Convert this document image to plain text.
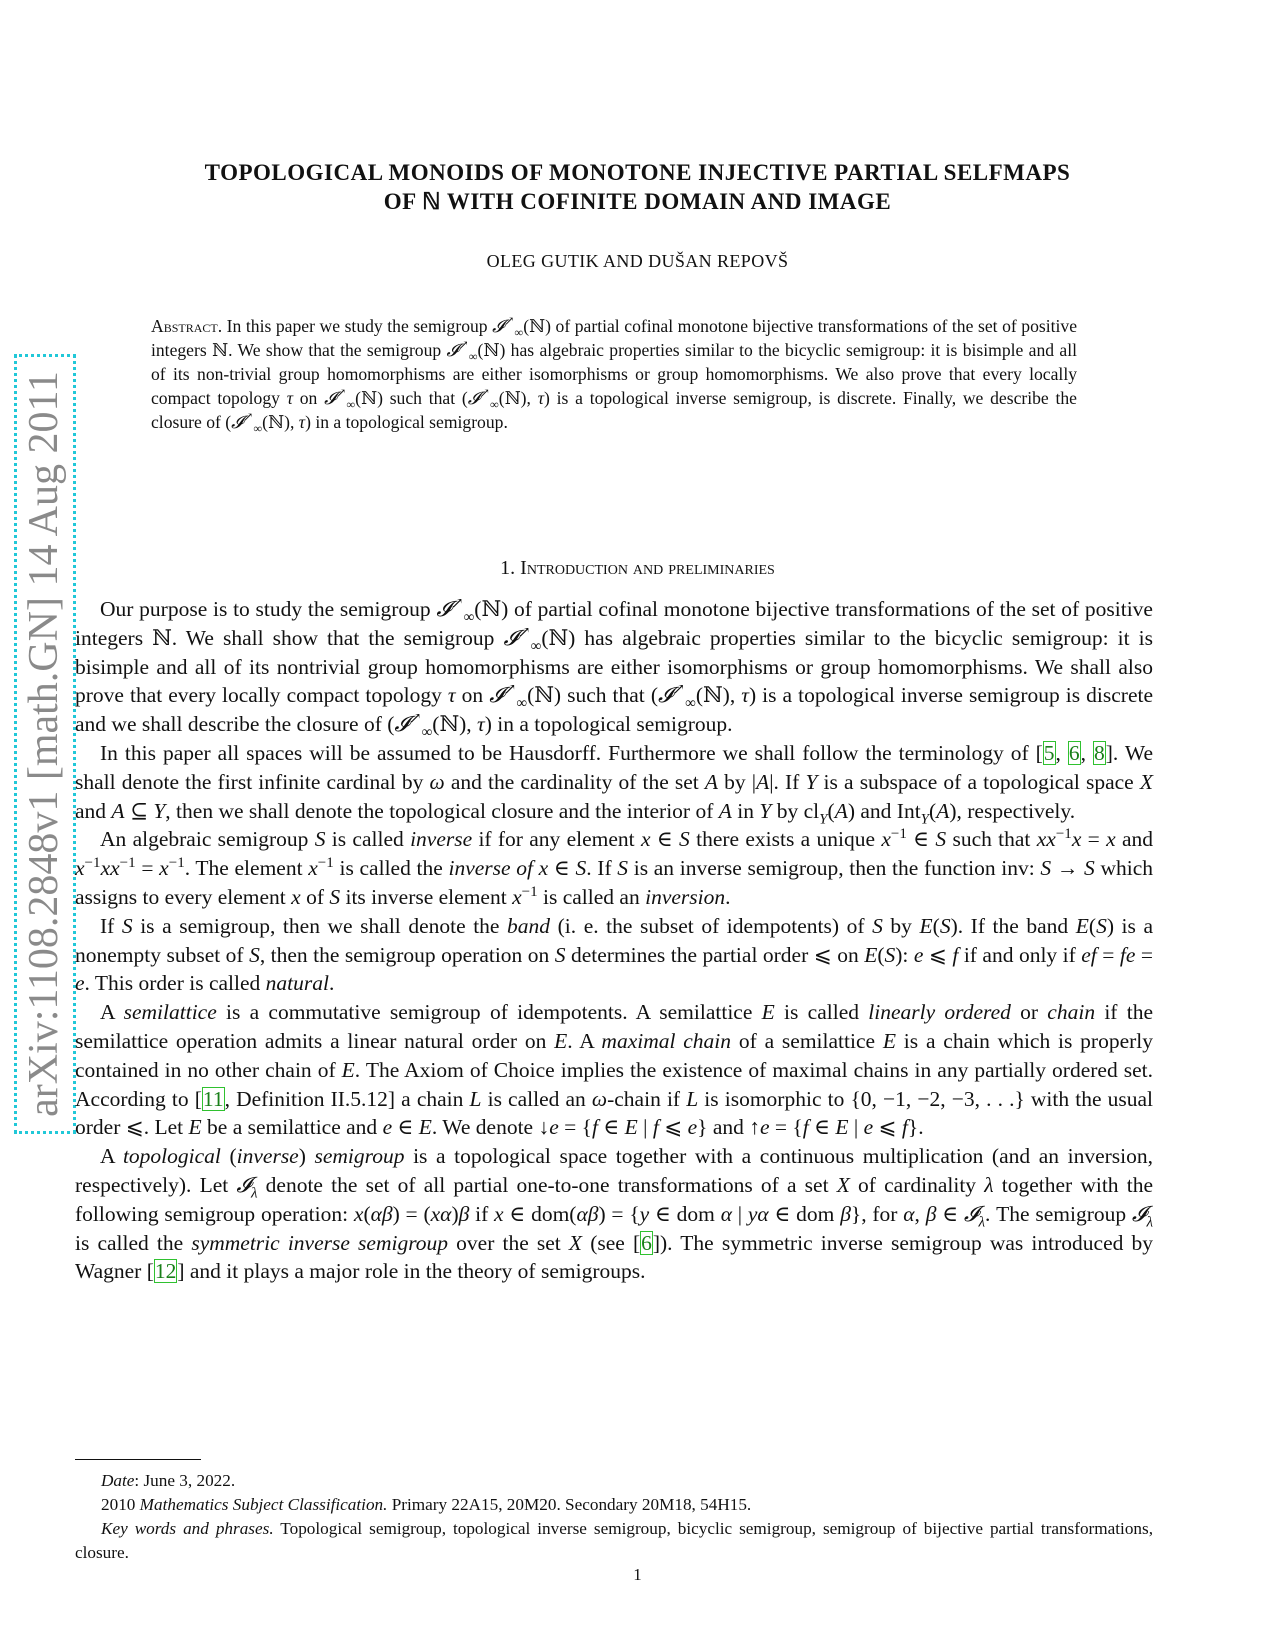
arXiv:1108.2848v1 [math.GN] 14 Aug 2011
TOPOLOGICAL MONOIDS OF MONOTONE INJECTIVE PARTIAL SELFMAPS
OF ℕ WITH COFINITE DOMAIN AND IMAGE
OLEG GUTIK AND DUŠAN REPOVŠ
Abstract. In this paper we study the semigroup 𝓘↗$_\infty$(ℕ) of partial cofinal monotone bijective transformations of the set of positive integers ℕ. We show that the semigroup 𝓘↗$_\infty$(ℕ) has algebraic properties similar to the bicyclic semigroup: it is bisimple and all of its non-trivial group homomorphisms are either isomorphisms or group homomorphisms. We also prove that every locally compact topology τ on 𝓘↗$_\infty$(ℕ) such that (𝓘↗$_\infty$(ℕ), τ) is a topological inverse semigroup, is discrete. Finally, we describe the closure of (𝓘↗$_\infty$(ℕ), τ) in a topological semigroup.
1. Introduction and preliminaries

Our purpose is to study the semigroup 𝓘↗$_\infty$(ℕ) of partial cofinal monotone bijective transformations of the set of positive integers ℕ. We shall show that the semigroup 𝓘↗$_\infty$(ℕ) has algebraic properties similar to the bicyclic semigroup: it is bisimple and all of its nontrivial group homomorphisms are either isomorphisms or group homomorphisms. We shall also prove that every locally compact topology τ on 𝓘↗$_\infty$(ℕ) such that (𝓘↗$_\infty$(ℕ), τ) is a topological inverse semigroup is discrete and we shall describe the closure of (𝓘↗$_\infty$(ℕ), τ) in a topological semigroup.

In this paper all spaces will be assumed to be Hausdorff. Furthermore we shall follow the terminology of [5, 6, 8]. We shall denote the first infinite cardinal by ω and the cardinality of the set A by |A|. If Y is a subspace of a topological space X and A ⊆ Y, then we shall denote the topological closure and the interior of A in Y by $cl_Y(A)$ and Int$_Y$(A), respectively.

An algebraic semigroup S is called inverse if for any element x ∈ S there exists a unique $x^{-1}$ ∈ S such that $xx^{-1}x = x$ and $x^{-1}xx^{-1} = x^{-1}$. The element $x^{-1}$ is called the inverse of x ∈ S. If S is an inverse semigroup, then the function inv: S → S which assigns to every element x of S its inverse element $x^{-1}$ is called an inversion.

If S is a semigroup, then we shall denote the band (i. e. the subset of idempotents) of S by E(S). If the band E(S) is a nonempty subset of S, then the semigroup operation on S determines the partial order ⩽ on E(S): e ⩽ f if and only if ef = fe = e. This order is called natural.

A semilattice is a commutative semigroup of idempotents. A semilattice E is called linearly ordered or chain if the semilattice operation admits a linear natural order on E. A maximal chain of a semilattice E is a chain which is properly contained in no other chain of E. The Axiom of Choice implies the existence of maximal chains in any partially ordered set. According to [11, Definition II.5.12] a chain L is called an ω-chain if L is isomorphic to {0, −1, −2, −3, . . .} with the usual order ⩽. Let E be a semilattice and e ∈ E. We denote ↓e = {f ∈ E | f ⩽ e} and ↑e = {f ∈ E | e ⩽ f}.

A topological (inverse) semigroup is a topological space together with a continuous multiplication (and an inversion, respectively). Let 𝓘$_\lambda$ denote the set of all partial one-to-one transformations of a set X of cardinality λ together with the following semigroup operation: x(αβ) = (xα)β if x ∈ dom(αβ) = {y ∈ dom α | yα ∈ dom β}, for α, β ∈ 𝓘$_\lambda$. The semigroup 𝓘$_\lambda$ is called the symmetric inverse semigroup over the set X (see [6]). The symmetric inverse semigroup was introduced by Wagner [12] and it plays a major role in the theory of semigroups.

Date: June 3, 2022.

2010 Mathematics Subject Classification. Primary 22A15, 20M20. Secondary 20M18, 54H15.

Key words and phrases. Topological semigroup, topological inverse semigroup, bicyclic semigroup, semigroup of bijective partial transformations, closure.

1
